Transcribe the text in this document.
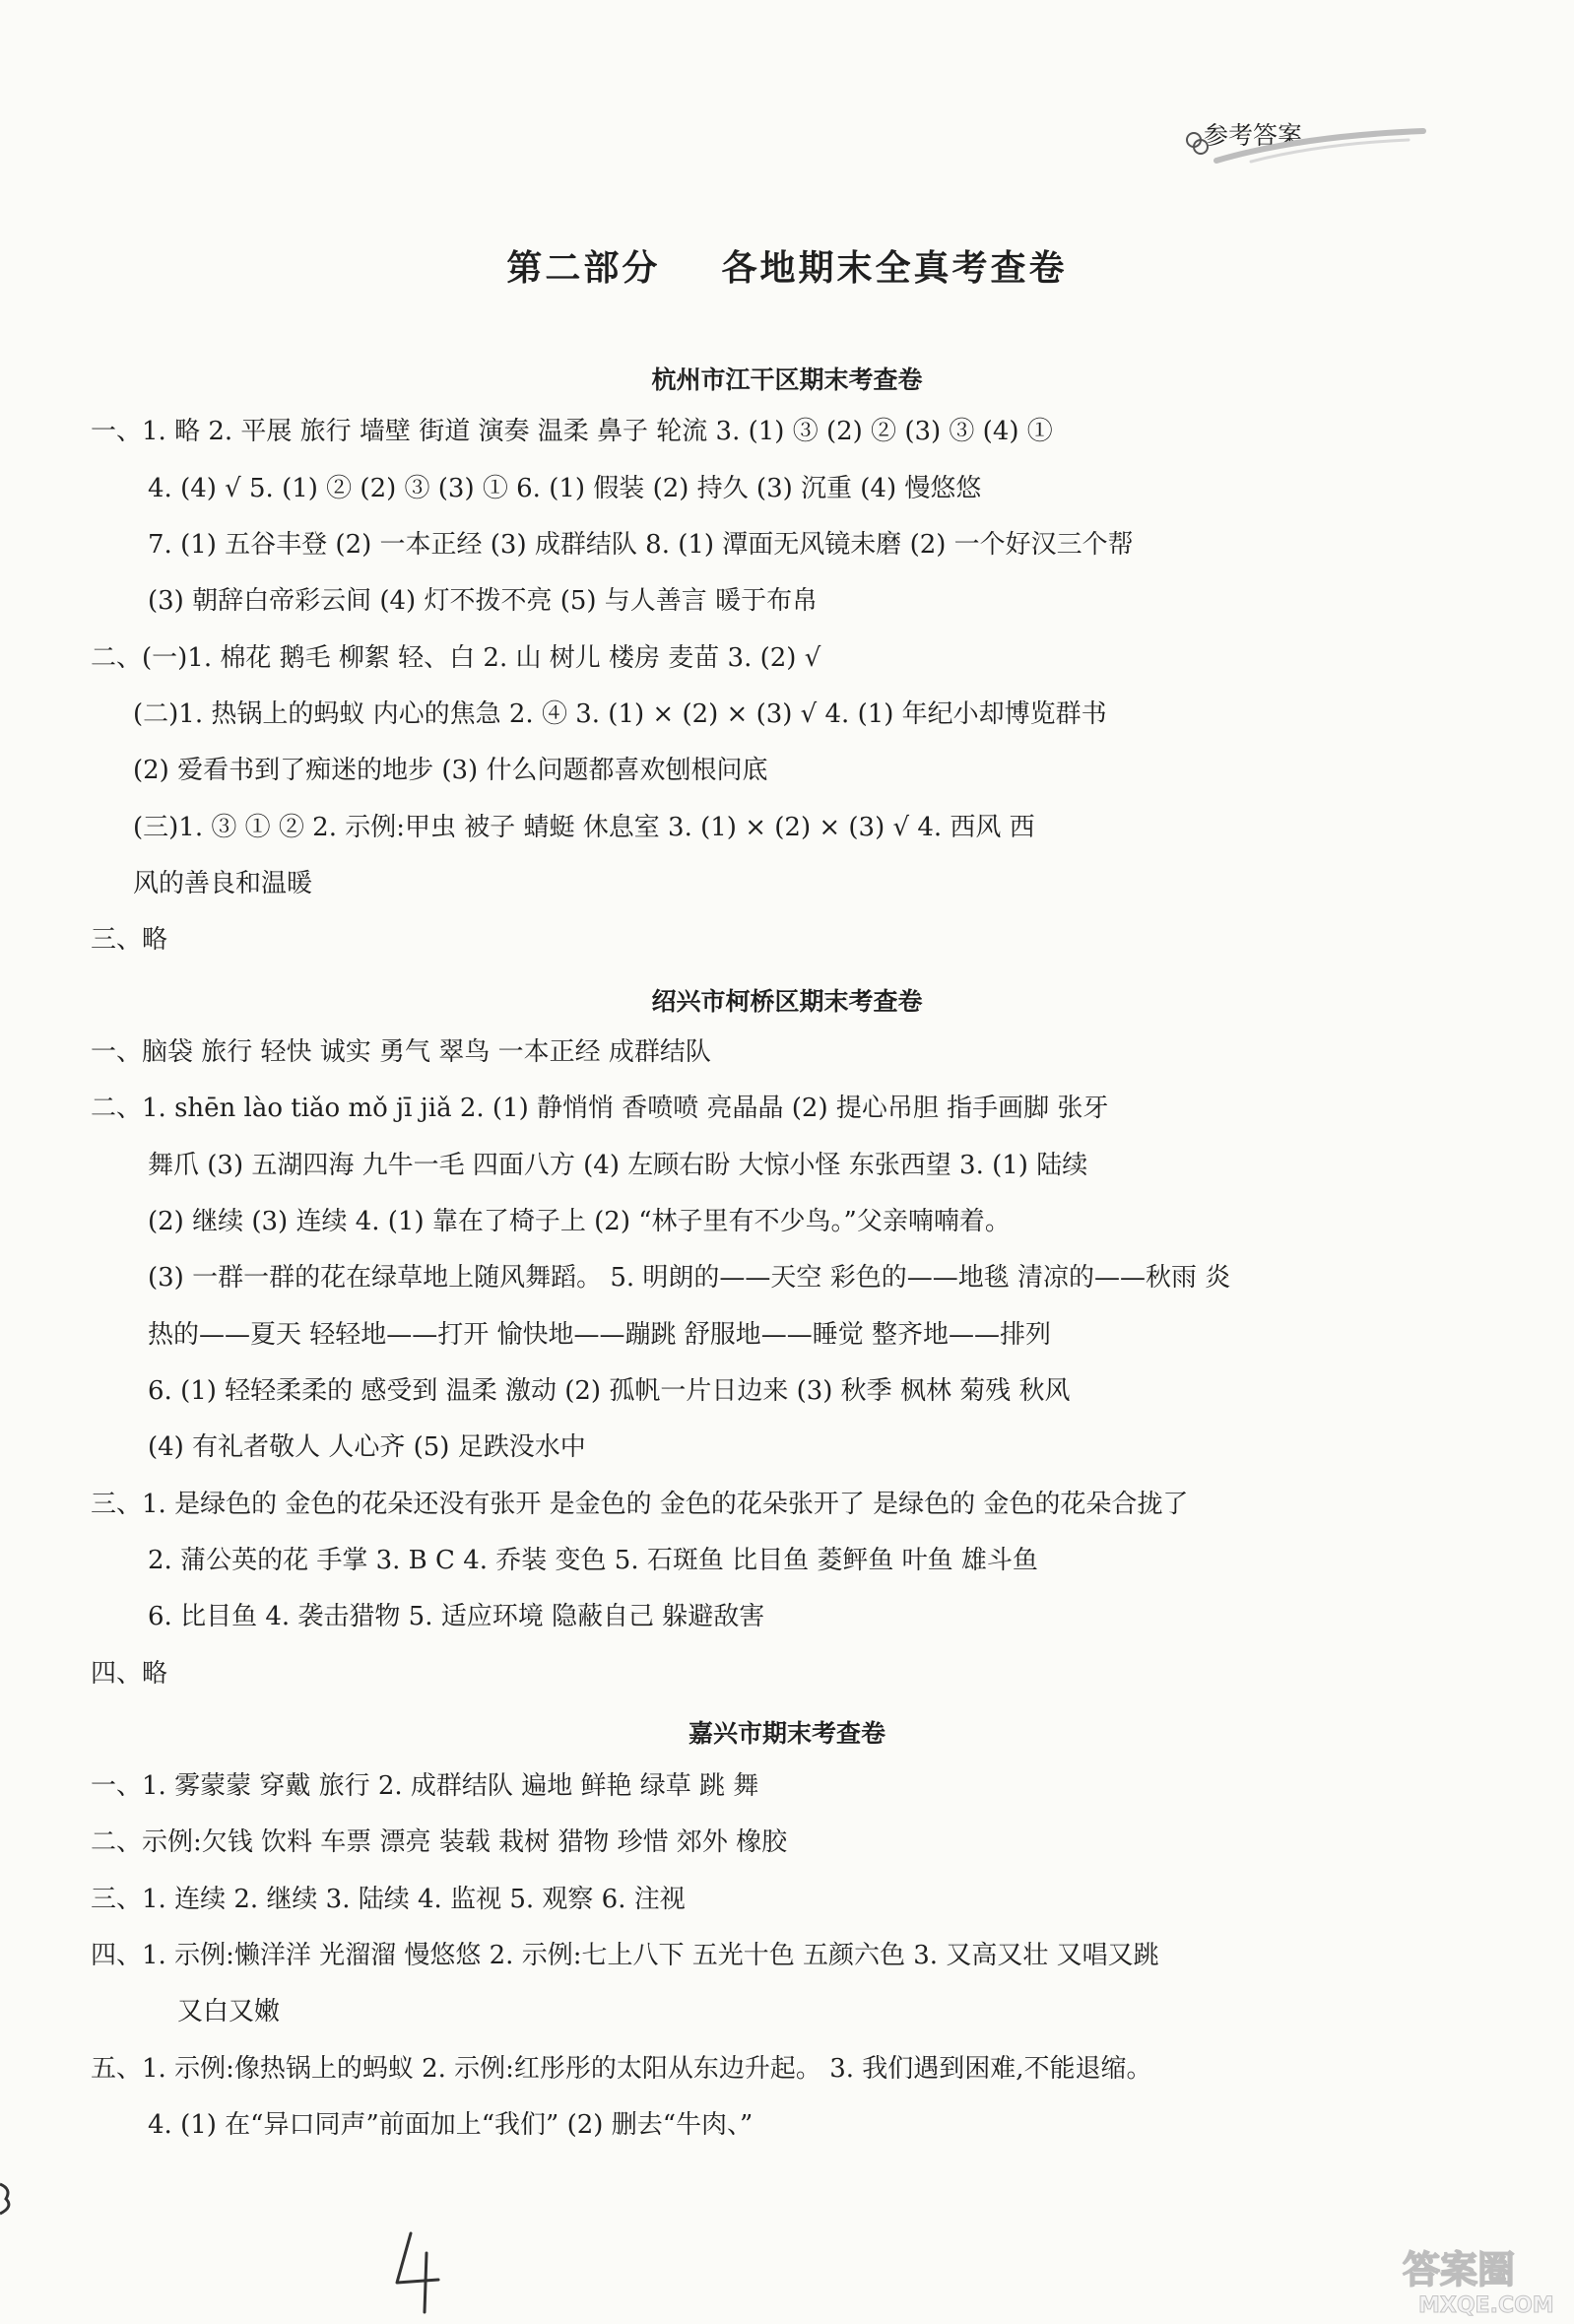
参考答案
第二部分    各地期末全真考查卷
杭州市江干区期末考查卷
绍兴市柯桥区期末考查卷
嘉兴市期末考查卷
一、1. 略 2. 平展 旅行 墙壁 街道 演奏 温柔 鼻子 轮流 3. (1) ③ (2) ② (3) ③ (4) ①
4. (4) √ 5. (1) ② (2) ③ (3) ① 6. (1) 假装 (2) 持久 (3) 沉重 (4) 慢悠悠
7. (1) 五谷丰登 (2) 一本正经 (3) 成群结队 8. (1) 潭面无风镜未磨 (2) 一个好汉三个帮
(3) 朝辞白帝彩云间 (4) 灯不拨不亮 (5) 与人善言 暖于布帛
二、(一)1. 棉花 鹅毛 柳絮 轻、白 2. 山 树儿 楼房 麦苗 3. (2) √
(二)1. 热锅上的蚂蚁 内心的焦急 2. ④ 3. (1) × (2) × (3) √ 4. (1) 年纪小却博览群书
(2) 爱看书到了痴迷的地步 (3) 什么问题都喜欢刨根问底
(三)1. ③ ① ② 2. 示例:甲虫 被子 蜻蜓 休息室 3. (1) × (2) × (3) √ 4. 西风 西
风的善良和温暖
三、略
一、脑袋 旅行 轻快 诚实 勇气 翠鸟 一本正经 成群结队
二、1. shēn lào tiǎo mǒ jī jiǎ 2. (1) 静悄悄 香喷喷 亮晶晶 (2) 提心吊胆 指手画脚 张牙
舞爪 (3) 五湖四海 九牛一毛 四面八方 (4) 左顾右盼 大惊小怪 东张西望 3. (1) 陆续
(2) 继续 (3) 连续 4. (1) 靠在了椅子上 (2) “林子里有不少鸟。”父亲喃喃着。
(3) 一群一群的花在绿草地上随风舞蹈。 5. 明朗的——天空 彩色的——地毯 清凉的——秋雨 炎
热的——夏天 轻轻地——打开 愉快地——蹦跳 舒服地——睡觉 整齐地——排列
6. (1) 轻轻柔柔的 感受到 温柔 激动 (2) 孤帆一片日边来 (3) 秋季 枫林 菊残 秋风
(4) 有礼者敬人 人心齐 (5) 足跌没水中
三、1. 是绿色的 金色的花朵还没有张开 是金色的 金色的花朵张开了 是绿色的 金色的花朵合拢了
2. 蒲公英的花 手掌 3. B C 4. 乔装 变色 5. 石斑鱼 比目鱼 菱鲆鱼 叶鱼 雄斗鱼
6. 比目鱼 4. 袭击猎物 5. 适应环境 隐蔽自己 躲避敌害
四、略
一、1. 雾蒙蒙 穿戴 旅行 2. 成群结队 遍地 鲜艳 绿草 跳 舞
二、示例:欠钱 饮料 车票 漂亮 装载 栽树 猎物 珍惜 郊外 橡胶
三、1. 连续 2. 继续 3. 陆续 4. 监视 5. 观察 6. 注视
四、1. 示例:懒洋洋 光溜溜 慢悠悠 2. 示例:七上八下 五光十色 五颜六色 3. 又高又壮 又唱又跳
又白又嫩
五、1. 示例:像热锅上的蚂蚁 2. 示例:红彤彤的太阳从东边升起。 3. 我们遇到困难,不能退缩。
4. (1) 在“异口同声”前面加上“我们” (2) 删去“牛肉、”
答案圈
MXQE.COM
